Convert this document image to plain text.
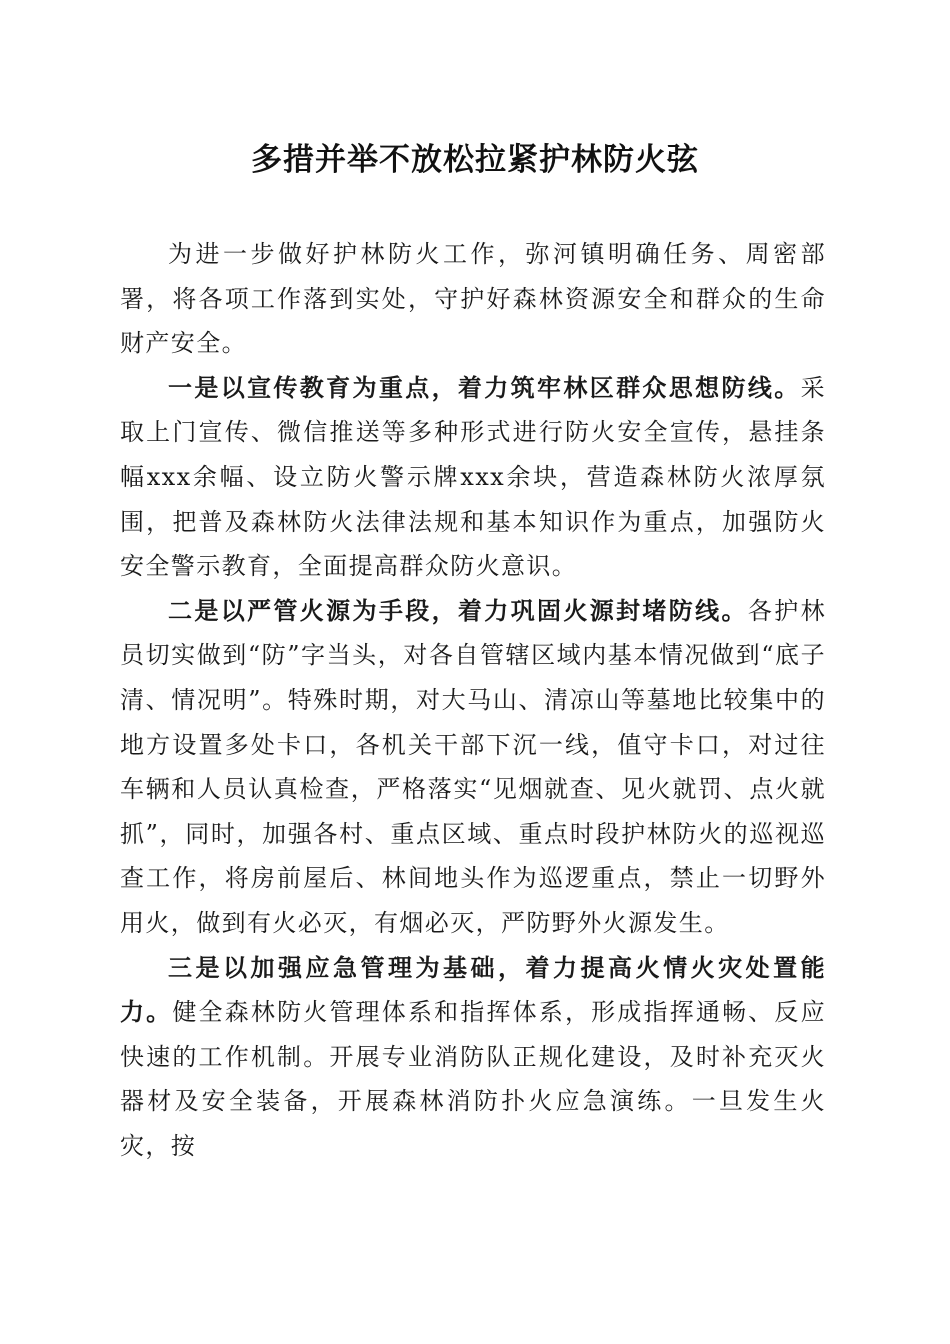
多措并举不放松拉紧护林防火弦

为进一步做好护林防火工作，弥河镇明确任务、周密部署，将各项工作落到实处，守护好森林资源安全和群众的生命财产安全。

一是以宣传教育为重点，着力筑牢林区群众思想防线。采取上门宣传、微信推送等多种形式进行防火安全宣传，悬挂条幅xxx余幅、设立防火警示牌xxx余块，营造森林防火浓厚氛围，把普及森林防火法律法规和基本知识作为重点，加强防火安全警示教育，全面提高群众防火意识。

二是以严管火源为手段，着力巩固火源封堵防线。各护林员切实做到“防”字当头，对各自管辖区域内基本情况做到“底子清、情况明”。特殊时期，对大马山、清凉山等墓地比较集中的地方设置多处卡口，各机关干部下沉一线，值守卡口，对过往车辆和人员认真检查，严格落实“见烟就查、见火就罚、点火就抓”，同时，加强各村、重点区域、重点时段护林防火的巡视巡查工作，将房前屋后、林间地头作为巡逻重点，禁止一切野外用火，做到有火必灭，有烟必灭，严防野外火源发生。

三是以加强应急管理为基础，着力提高火情火灾处置能力。健全森林防火管理体系和指挥体系，形成指挥通畅、反应快速的工作机制。开展专业消防队正规化建设，及时补充灭火器材及安全装备，开展森林消防扑火应急演练。一旦发生火灾，按
